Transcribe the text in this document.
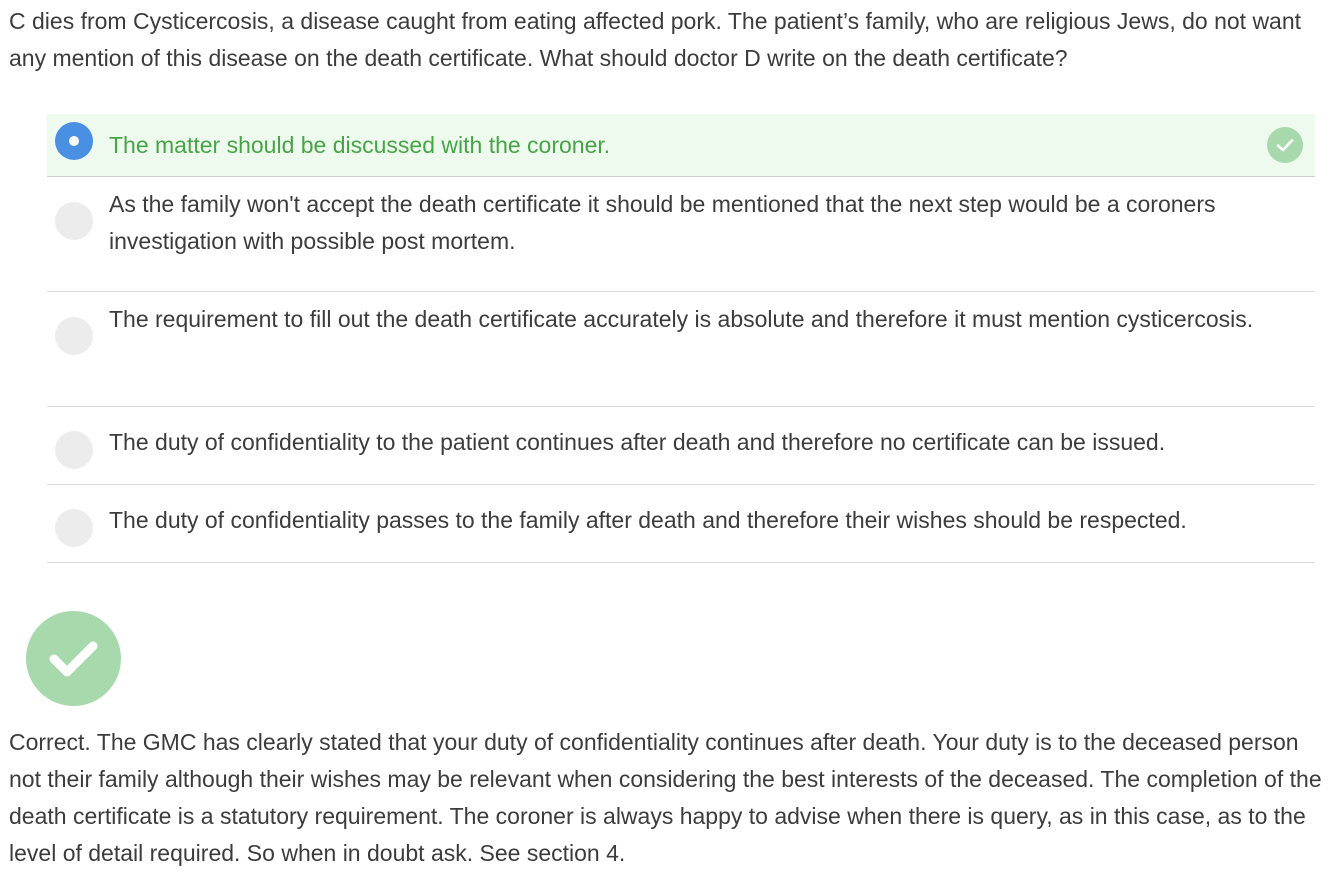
C dies from Cysticercosis, a disease caught from eating affected pork. The patient’s family, who are religious Jews, do not want any mention of this disease on the death certificate. What should doctor D write on the death certificate?

The matter should be discussed with the coroner.
As the family won't accept the death certificate it should be mentioned that the next step would be a coroners investigation with possible post mortem.
The requirement to fill out the death certificate accurately is absolute and therefore it must mention cysticercosis.
The duty of confidentiality to the patient continues after death and therefore no certificate can be issued.
The duty of confidentiality passes to the family after death and therefore their wishes should be respected.

Correct. The GMC has clearly stated that your duty of confidentiality continues after death. Your duty is to the deceased person not their family although their wishes may be relevant when considering the best interests of the deceased. The completion of the death certificate is a statutory requirement. The coroner is always happy to advise when there is query, as in this case, as to the level of detail required. So when in doubt ask. See section 4.
